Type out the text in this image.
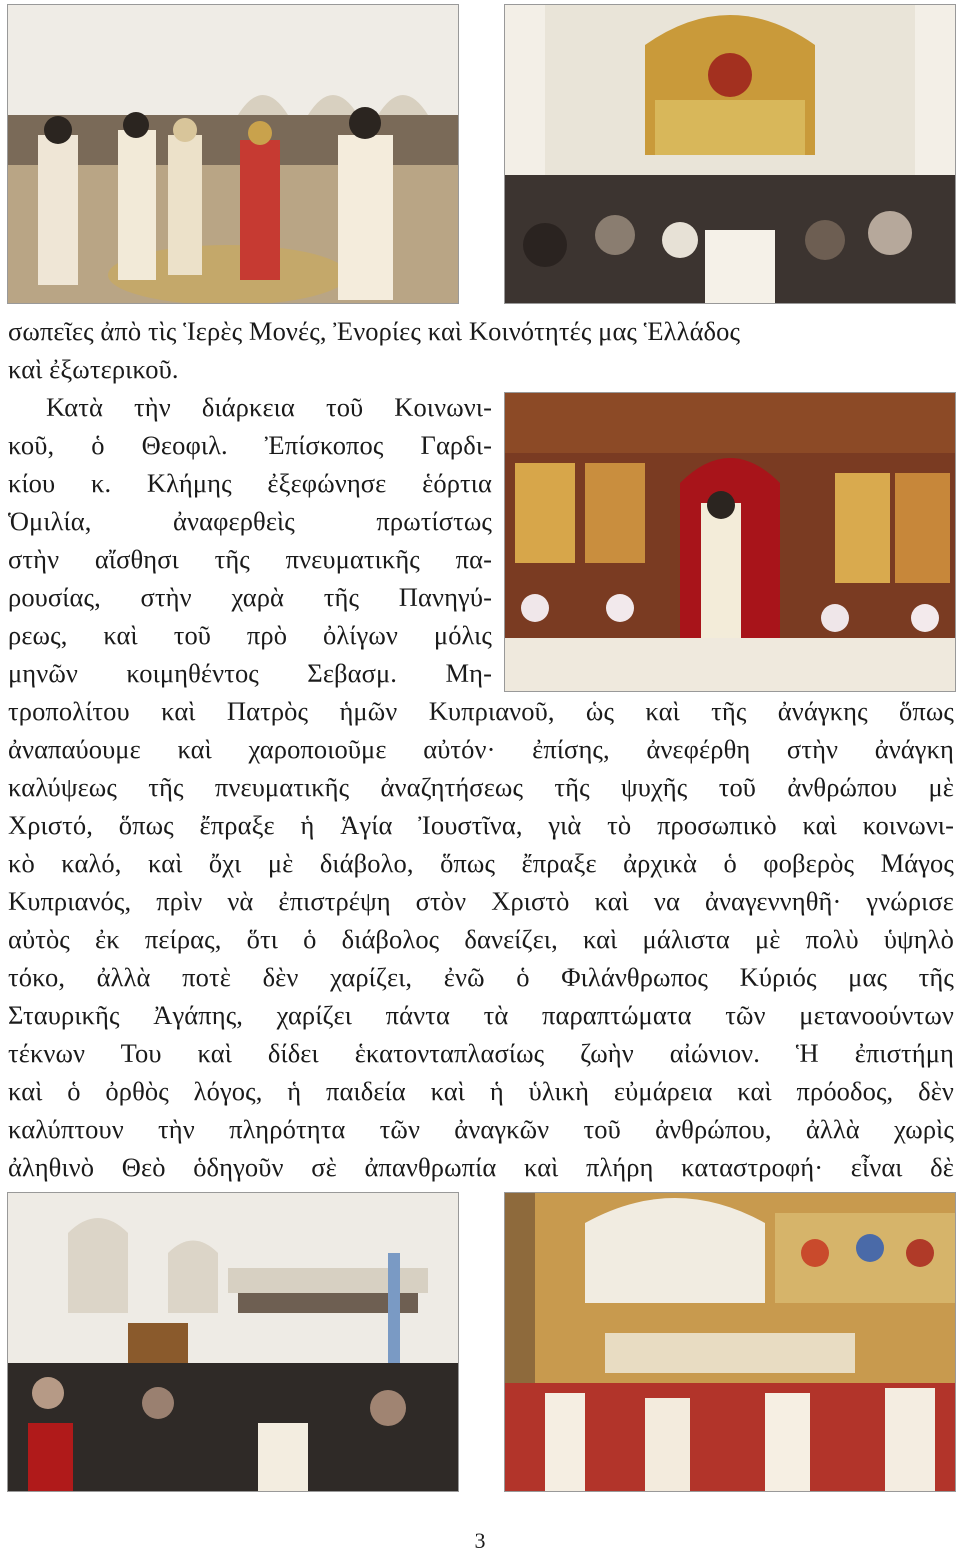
σωπεῖες ἀπὸ τὶς Ἱερὲς Μονές, Ἐνορίες καὶ Κοινότητές μας Ἑλλάδος
καὶ ἐξωτερικοῦ.
Κατὰ τὴν διάρκεια τοῦ Κοινωνι-
κοῦ, ὁ Θεοφιλ. Ἐπίσκοπος Γαρδι-
κίου κ. Κλήμης ἐξεφώνησε ἑόρτια
Ὁμιλία, ἀναφερθεὶς πρωτίστως
στὴν αἴσθησι τῆς πνευματικῆς πα-
ρουσίας, στὴν χαρὰ τῆς Πανηγύ-
ρεως, καὶ τοῦ πρὸ ὀλίγων μόλις
μηνῶν κοιμηθέντος Σεβασμ. Μη-
τροπολίτου καὶ Πατρὸς ἡμῶν Κυπριανοῦ, ὡς καὶ τῆς ἀνάγκης ὅπως
ἀναπαύουμε καὶ χαροποιοῦμε αὐτόν· ἐπίσης, ἀνεφέρθη στὴν ἀνάγκη
καλύψεως τῆς πνευματικῆς ἀναζητήσεως τῆς ψυχῆς τοῦ ἀνθρώπου μὲ
Χριστό, ὅπως ἔπραξε ἡ Ἁγία Ἰουστῖνα, γιὰ τὸ προσωπικὸ καὶ κοινωνι-
κὸ καλό, καὶ ὄχι μὲ διάβολο, ὅπως ἔπραξε ἀρχικὰ ὁ φοβερὸς Μάγος
Κυπριανός, πρὶν νὰ ἐπιστρέψη στὸν Χριστὸ καὶ να ἀναγεννηθῆ· γνώρισε
αὐτὸς ἐκ πείρας, ὅτι ὁ διάβολος δανείζει, καὶ μάλιστα μὲ πολὺ ὑψηλὸ
τόκο, ἀλλὰ ποτὲ δὲν χαρίζει, ἐνῶ ὁ Φιλάνθρωπος Κύριός μας τῆς
Σταυρικῆς Ἀγάπης, χαρίζει πάντα τὰ παραπτώματα τῶν μετανοούντων
τέκνων Του καὶ δίδει ἑκατονταπλασίως ζωὴν αἰώνιον. Ἡ ἐπιστήμη
καὶ ὁ ὀρθὸς λόγος, ἡ παιδεία καὶ ἡ ὑλικὴ εὐμάρεια καὶ πρόοδος, δὲν
καλύπτουν τὴν πληρότητα τῶν ἀναγκῶν τοῦ ἀνθρώπου, ἀλλὰ χωρὶς
ἀληθινὸ Θεὸ ὁδηγοῦν σὲ ἀπανθρωπία καὶ πλήρη καταστροφή· εἶναι δὲ
3
